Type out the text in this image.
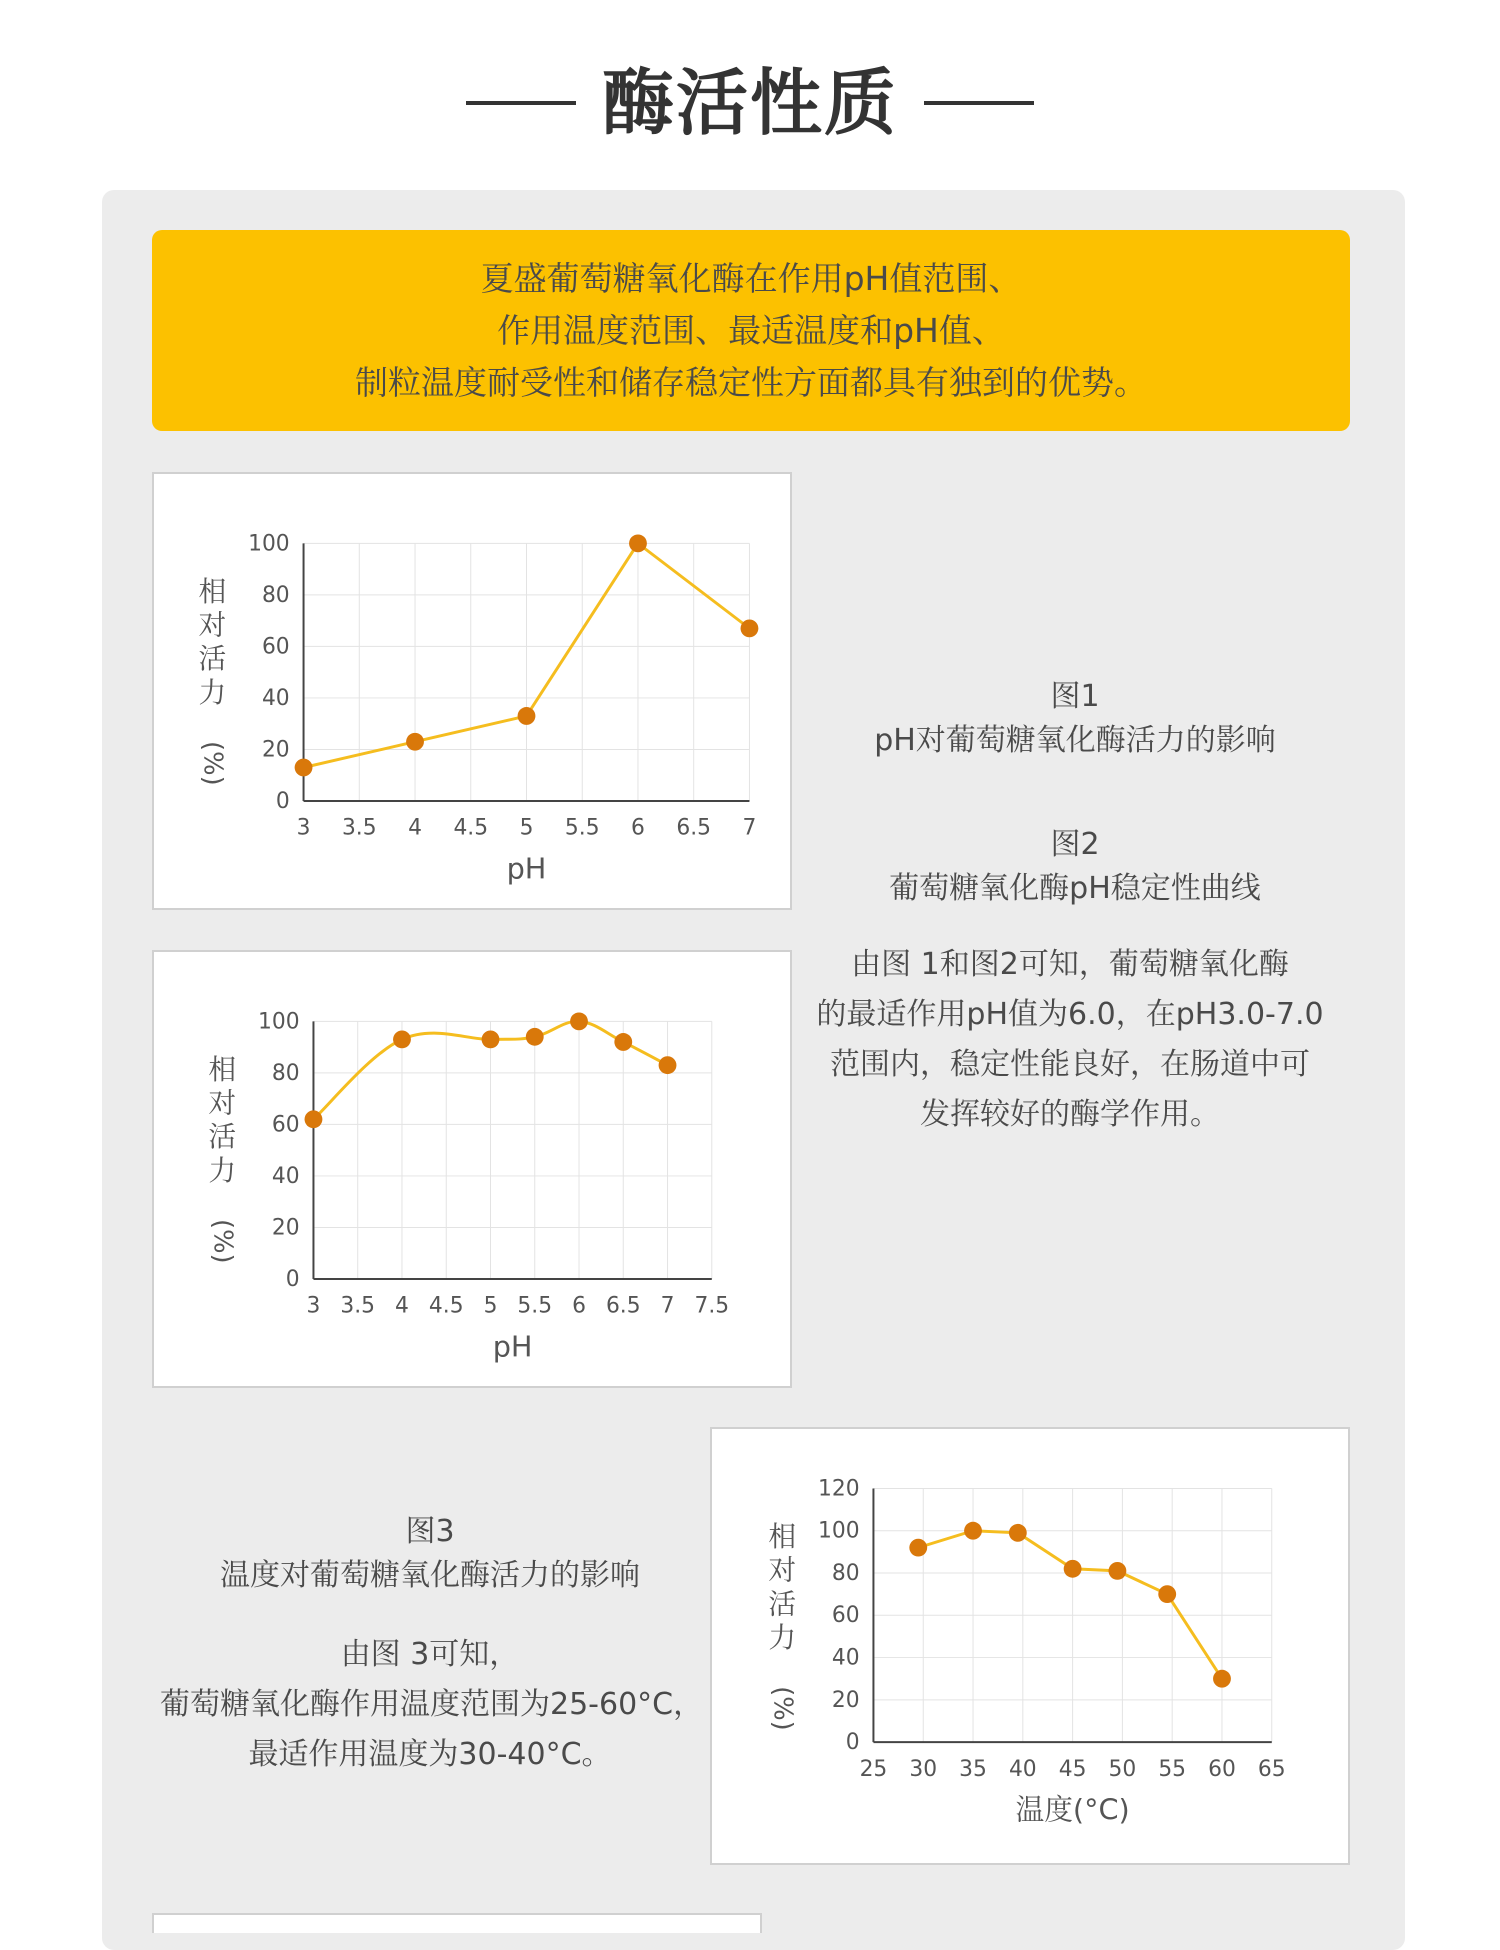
酶活性质
夏盛葡萄糖氧化酶在作用pH值范围、
作用温度范围、最适温度和pH值、
制粒温度耐受性和储存稳定性方面都具有独到的优势。
3 3.5 4 4.5 5 5.5 6 6.5 7
0
20
40
60
80
100
pH
相
对
活
力
(%)
3 3.5 4 4.5 5 5.5 6 6.5 7 7.5
0
20
40
60
80
100
pH
相
对
活
力
(%)
25 30 35 40 45 50 55 60 65
0
20
40
60
80
100
120
温度(°C)
相
对
活
力
(%)
图1
pH对葡萄糖氧化酶活力的影响
图2
葡萄糖氧化酶pH稳定性曲线
由图 1和图2可知，葡萄糖氧化酶
的最适作用pH值为6.0，在pH3.0-7.0
范围内，稳定性能良好，在肠道中可
发挥较好的酶学作用。
图3
温度对葡萄糖氧化酶活力的影响
由图 3可知，
葡萄糖氧化酶作用温度范围为25-60°C，
最适作用温度为30-40°C。
